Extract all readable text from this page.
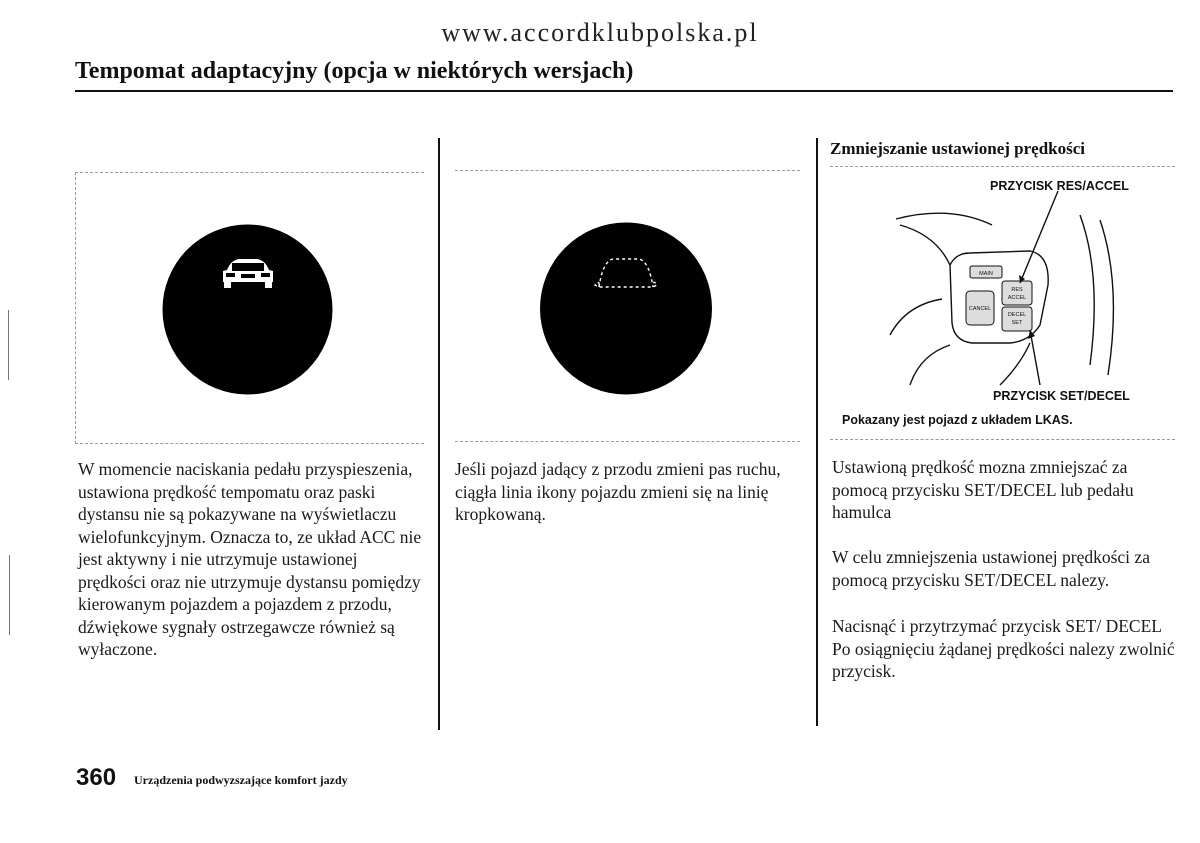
www.accordklubpolska.pl
Tempomat adaptacyjny (opcja w niektórych wersjach)
Zmniejszanie ustawionej prędkości
MAIN
CANCEL
RES
ACCEL
DECEL
SET
PRZYCISK RES/ACCEL
PRZYCISK SET/DECEL
Pokazany jest pojazd z układem LKAS.
W momencie naciskania pedału przyspieszenia, ustawiona prędkość tempomatu oraz paski dystansu nie są pokazywane na wyświetlaczu wielofunkcyjnym. Oznacza to, ze układ ACC nie jest aktywny i nie utrzymuje ustawionej prędkości oraz nie utrzymuje dystansu pomiędzy kierowanym pojazdem a pojazdem z przodu, dźwiękowe sygnały ostrzegawcze również są wyłaczone.
Jeśli pojazd jadący z przodu zmieni pas ruchu, ciągła linia ikony pojazdu zmieni się na linię kropkowaną.
Ustawioną prędkość mozna zmniejszać za pomocą przycisku SET/DECEL lub pedału hamulca
W celu zmniejszenia ustawionej prędkości za pomocą przycisku SET/DECEL nalezy.
Nacisnąć i przytrzymać przycisk SET/ DECEL Po osiągnięciu żądanej prędkości nalezy zwolnić przycisk.
360 Urządzenia podwyzszające komfort jazdy
